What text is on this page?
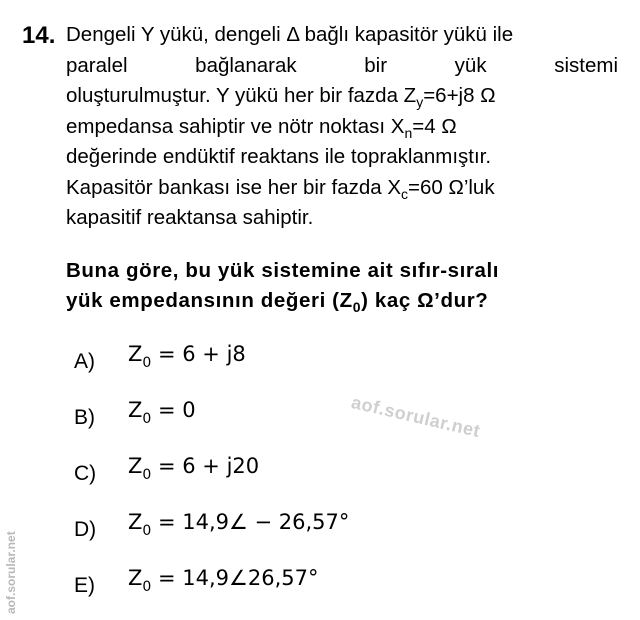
14. Dengeli Y yükü, dengeli Δ bağlı kapasitör yükü ile
paralel bağlanarak bir yük sistemi
oluşturulmuştur. Y yükü her bir fazda $Z_y=6+j8$ Ω
empedansa sahiptir ve nötr noktası $X_n=4$ Ω
değerinde endüktif reaktans ile topraklanmıştır.
Kapasitör bankası ise her bir fazda $X_c=60$ Ω’luk
kapasitif reaktansa sahiptir.
Buna göre, bu yük sistemine ait sıfır-sıralı
yük empedansının değeri $(Z_0)$ kaç Ω’dur?
A) $Z_0 = 6 + j8$
B) $Z_0 = 0$
C) $Z_0 = 6 + j20$
D) $Z_0$ = 14,9∠ − 26,57°
E) $Z_0$ = 14,9∠26,57°
aof.sorular.net
aof.sorular.net
